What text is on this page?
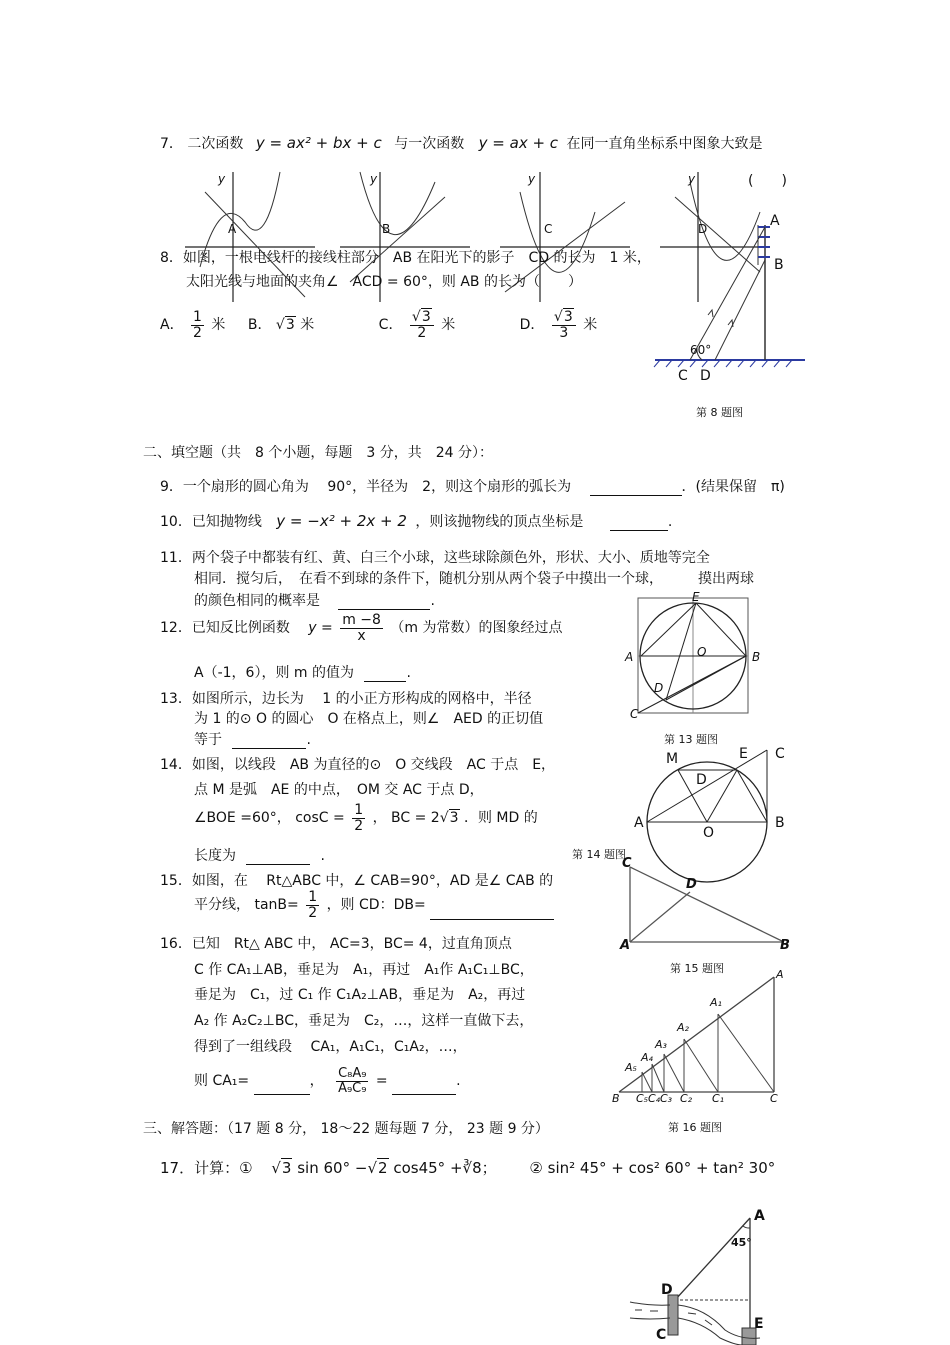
7． 二次函数 y = ax² + bx + c 与一次函数 y = ax + c 在同一直角坐标系中图象大致是
(　　)
y
A
y
B
y
C
y
D
8．如图，一根电线杆的接线柱部分　AB 在阳光下的影子　CD 的长为　1 米，
太阳光线与地面的夹角∠　ACD = 60°，则 AB 的长为（　　）
A． $\frac{1}{2}$ 米 B． √3 米	C． $\frac{√3}{2}$ 米	D． $\frac{√3}{3}$ 米
A
B
60°
C D
第 8 题图
二、填空题（共　8 个小题，每题　3 分，共　24 分）：
9．一个扇形的圆心角为　 90°，半径为　2，则这个扇形的弧长为	．(结果保留　π)
10．已知抛物线 y = −x² + 2x + 2 ，则该抛物线的顶点坐标是	.
11．两个袋子中都装有红、黄、白三个小球，这些球除颜色外，形状、大小、质地等完全
相同．搅匀后，　在看不到球的条件下，随机分别从两个袋子中摸出一个球，　　　摸出两球
的颜色相同的概率是	.
12．已知反比例函数 $y = \frac{m -8}{x} (m$ 为常数）的图象经过点
A（-1，6），则 m 的值为	.
13．如图所示，边长为　 1 的小正方形构成的网格中，半径
为 1 的⊙ O 的圆心　O 在格点上，则∠　AED 的正切值
等于	.
E
A	O	B
D
C
第 13 题图
14．如图，以线段　AB 为直径的⊙　O 交线段　AC 于点　E，
点 M 是弧　AE 的中点，　OM 交 AC 于点 D，
∠BOE =60°， $\cos C = \frac{1}{2}$ ， BC = 2√3 ．则 MD 的
长度为	.
M	E C
D
A
O
B
第 14 题图
15．如图，在　 Rt△ABC 中，∠ CAB=90°，AD 是∠ CAB 的
平分线， $\tan B= \frac{1}{2}$ ，则 CD：DB=
C
D
A	B
第 15 题图
16．已知　Rt△ ABC 中， AC=3，BC= 4，过直角顶点
C 作 CA₁⊥AB，垂足为　A₁，再过　A₁作 A₁C₁⊥BC，
垂足为　C₁，过 C₁ 作 C₁A₂⊥AB，垂足为　A₂，再过
A₂ 作 A₂C₂⊥BC，垂足为　C₂，…，这样一直做下去，
得到了一组线段　 CA₁，A₁C₁，C₁A₂，…，
则 CA₁=	， $\frac{\text{C₈A₉}}{\text{A₉C₉}}$ =	.
A
A₁
A₂
A₃
A₄
A₅
B C₅ C₄ C₃ C₂ C₁	C
第 16 题图
三、解答题：（17 题 8 分， 18～22 题每题 7 分， 23 题 9 分）
17．计算：① √3 sin 60° −√2 cos45° +∛8； ② sin² 45° + cos² 60° + tan² 30°
A
45°
D
E
C
